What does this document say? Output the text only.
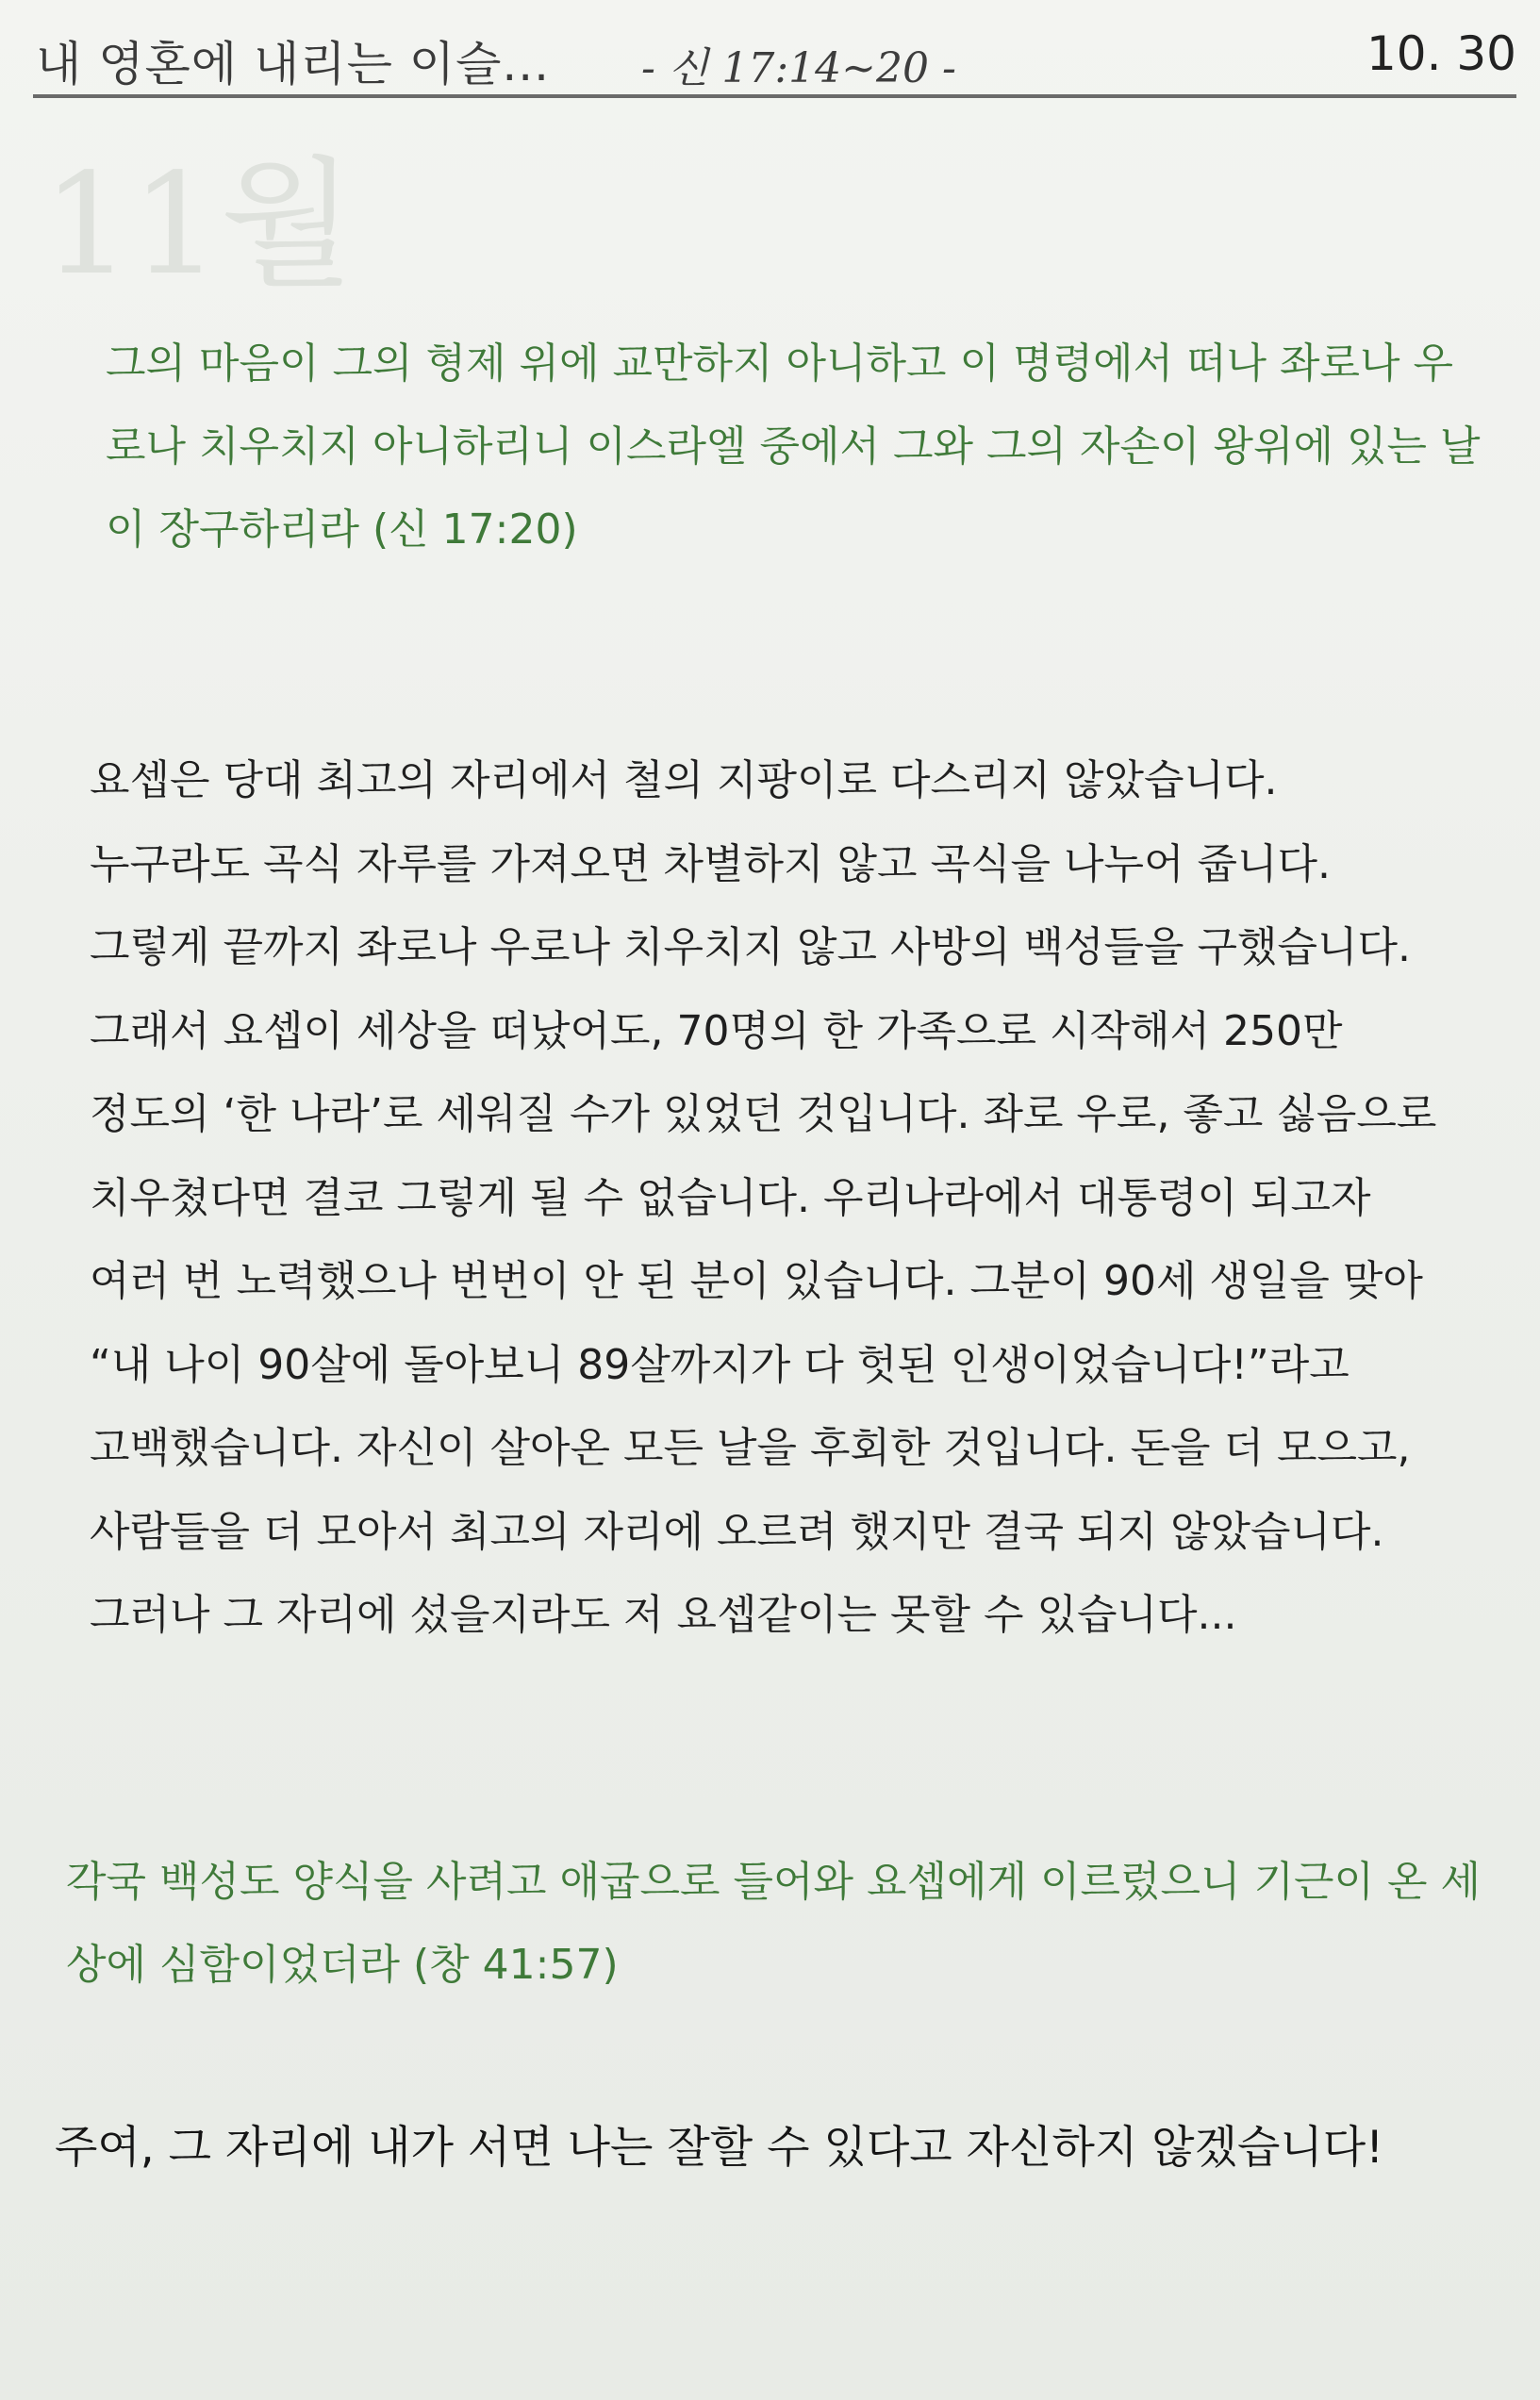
내 영혼에 내리는 이슬... - 신 17:14~20 -	10. 30
11월

그의 마음이 그의 형제 위에 교만하지 아니하고 이 명령에서 떠나 좌로나 우로나 치우치지 아니하리니 이스라엘 중에서 그와 그의 자손이 왕위에 있는 날이 장구하리라 (신 17:20)

요셉은 당대 최고의 자리에서 철의 지팡이로 다스리지 않았습니다.
누구라도 곡식 자루를 가져오면 차별하지 않고 곡식을 나누어 줍니다.
그렇게 끝까지 좌로나 우로나 치우치지 않고 사방의 백성들을 구했습니다.
그래서 요셉이 세상을 떠났어도, 70명의 한 가족으로 시작해서 250만
정도의 ‘한 나라’로 세워질 수가 있었던 것입니다. 좌로 우로, 좋고 싫음으로
치우쳤다면 결코 그렇게 될 수 없습니다. 우리나라에서 대통령이 되고자
여러 번 노력했으나 번번이 안 된 분이 있습니다. 그분이 90세 생일을 맞아
“내 나이 90살에 돌아보니 89살까지가 다 헛된 인생이었습니다!”라고
고백했습니다. 자신이 살아온 모든 날을 후회한 것입니다. 돈을 더 모으고,
사람들을 더 모아서 최고의 자리에 오르려 했지만 결국 되지 않았습니다.
그러나 그 자리에 섰을지라도 저 요셉같이는 못할 수 있습니다...

각국 백성도 양식을 사려고 애굽으로 들어와 요셉에게 이르렀으니 기근이 온 세상에 심함이었더라 (창 41:57)

주여, 그 자리에 내가 서면 나는 잘할 수 있다고 자신하지 않겠습니다!
